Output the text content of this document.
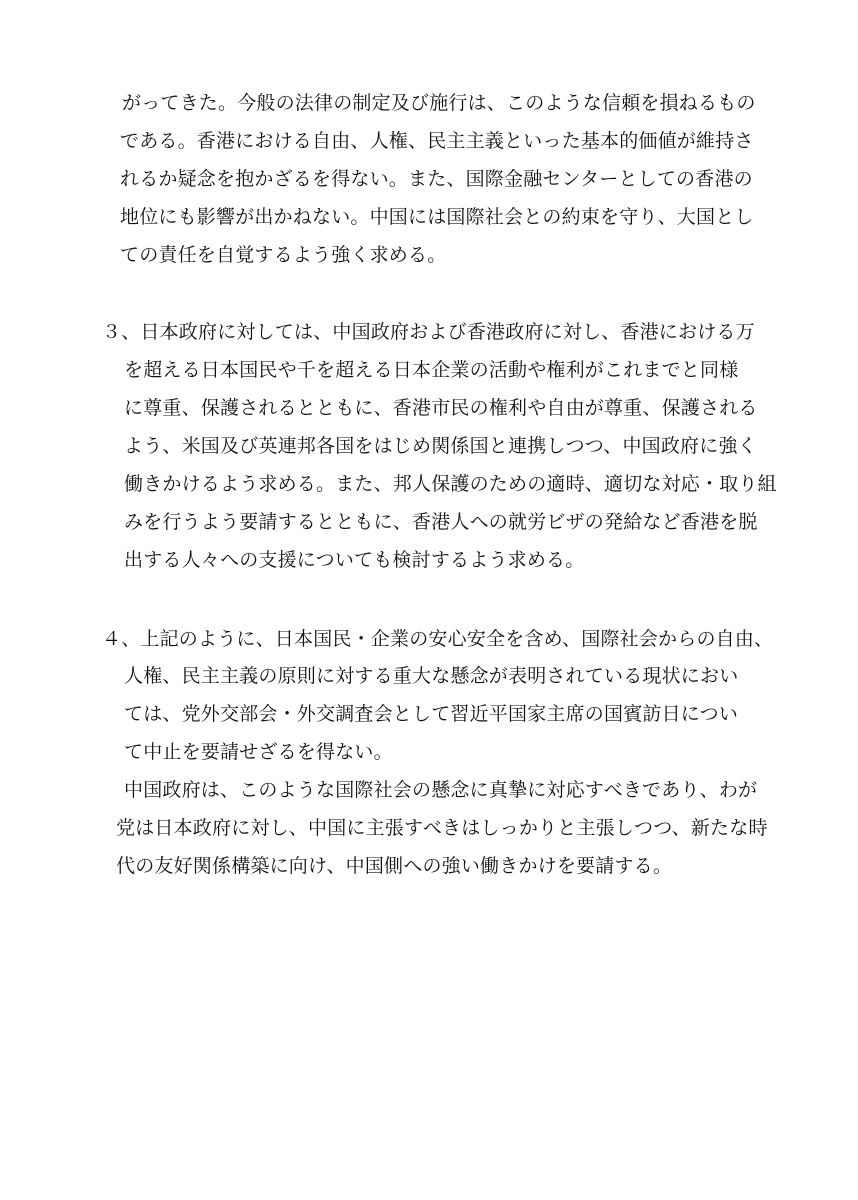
がってきた。今般の法律の制定及び施行は、このような信頼を損ねるもの
である。香港における自由、人権、民主主義といった基本的価値が維持さ
れるか疑念を抱かざるを得ない。また、国際金融センターとしての香港の
地位にも影響が出かねない。中国には国際社会との約束を守り、大国とし
ての責任を自覚するよう強く求める。
３、日本政府に対しては、中国政府および香港政府に対し、香港における万
を超える日本国民や千を超える日本企業の活動や権利がこれまでと同様
に尊重、保護されるとともに、香港市民の権利や自由が尊重、保護される
よう、米国及び英連邦各国をはじめ関係国と連携しつつ、中国政府に強く
働きかけるよう求める。また、邦人保護のための適時、適切な対応・取り組
みを行うよう要請するとともに、香港人への就労ビザの発給など香港を脱
出する人々への支援についても検討するよう求める。
４、上記のように、日本国民・企業の安心安全を含め、国際社会からの自由、
人権、民主主義の原則に対する重大な懸念が表明されている現状におい
ては、党外交部会・外交調査会として習近平国家主席の国賓訪日につい
て中止を要請せざるを得ない。
中国政府は、このような国際社会の懸念に真摯に対応すべきであり、わが
党は日本政府に対し、中国に主張すべきはしっかりと主張しつつ、新たな時
代の友好関係構築に向け、中国側への強い働きかけを要請する。
